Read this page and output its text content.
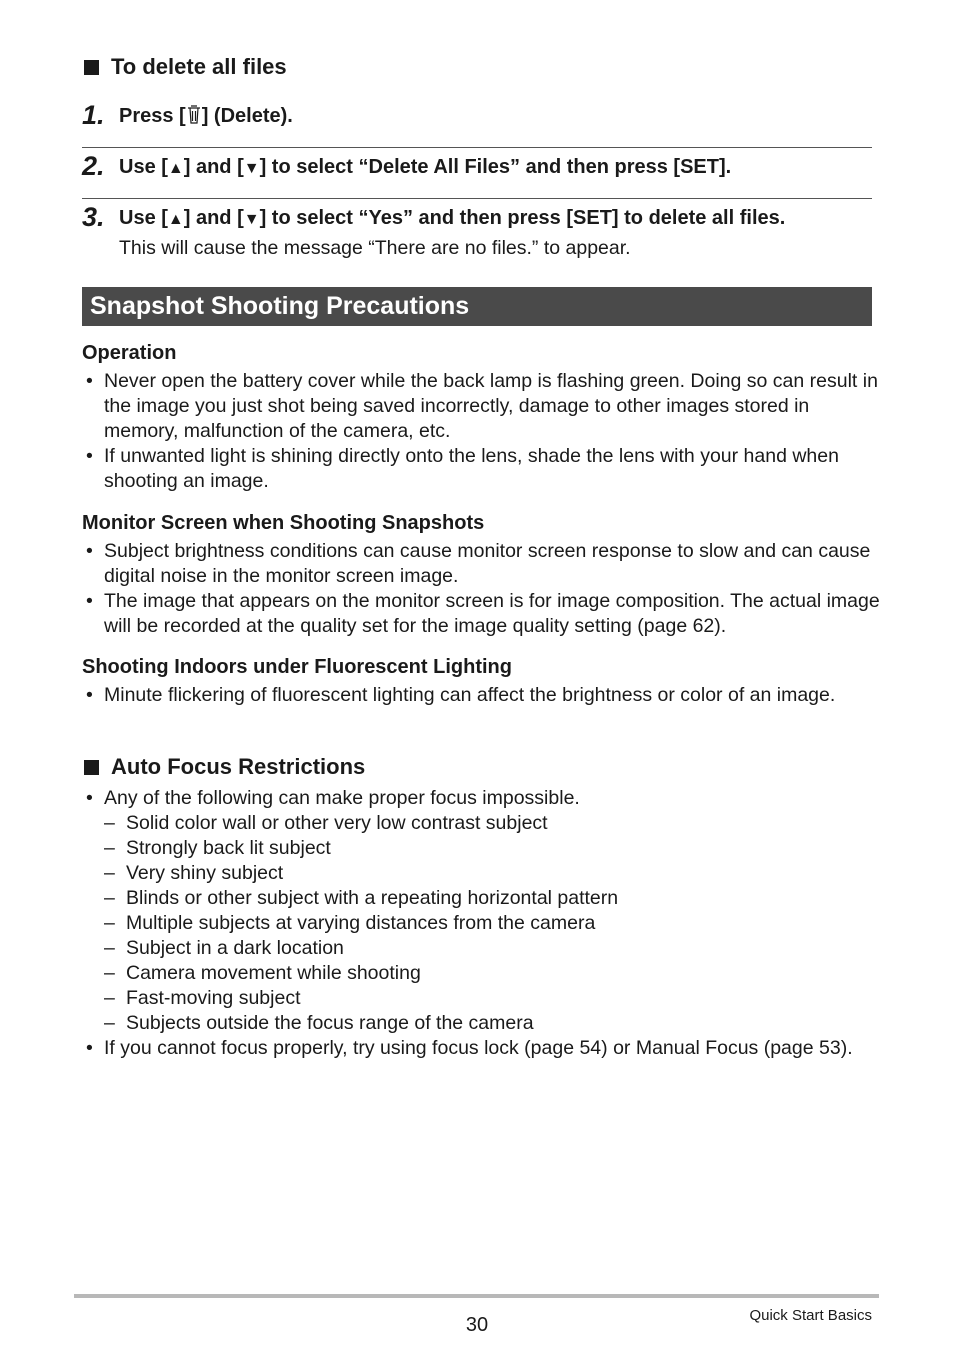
To delete all files
1. Press [ ] (Delete).
2. Use [▲] and [▼] to select “Delete All Files” and then press [SET].
3. Use [▲] and [▼] to select “Yes” and then press [SET] to delete all files.
This will cause the message “There are no files.” to appear.
Snapshot Shooting Precautions
Operation
• Never open the battery cover while the back lamp is flashing green. Doing so can result in the image you just shot being saved incorrectly, damage to other images stored in memory, malfunction of the camera, etc.
• If unwanted light is shining directly onto the lens, shade the lens with your hand when shooting an image.
Monitor Screen when Shooting Snapshots
• Subject brightness conditions can cause monitor screen response to slow and can cause digital noise in the monitor screen image.
• The image that appears on the monitor screen is for image composition. The actual image will be recorded at the quality set for the image quality setting (page 62).
Shooting Indoors under Fluorescent Lighting
• Minute flickering of fluorescent lighting can affect the brightness or color of an image.
Auto Focus Restrictions
• Any of the following can make proper focus impossible.
– Solid color wall or other very low contrast subject
– Strongly back lit subject
– Very shiny subject
– Blinds or other subject with a repeating horizontal pattern
– Multiple subjects at varying distances from the camera
– Subject in a dark location
– Camera movement while shooting
– Fast-moving subject
– Subjects outside the focus range of the camera
• If you cannot focus properly, try using focus lock (page 54) or Manual Focus (page 53).
30	Quick Start Basics
